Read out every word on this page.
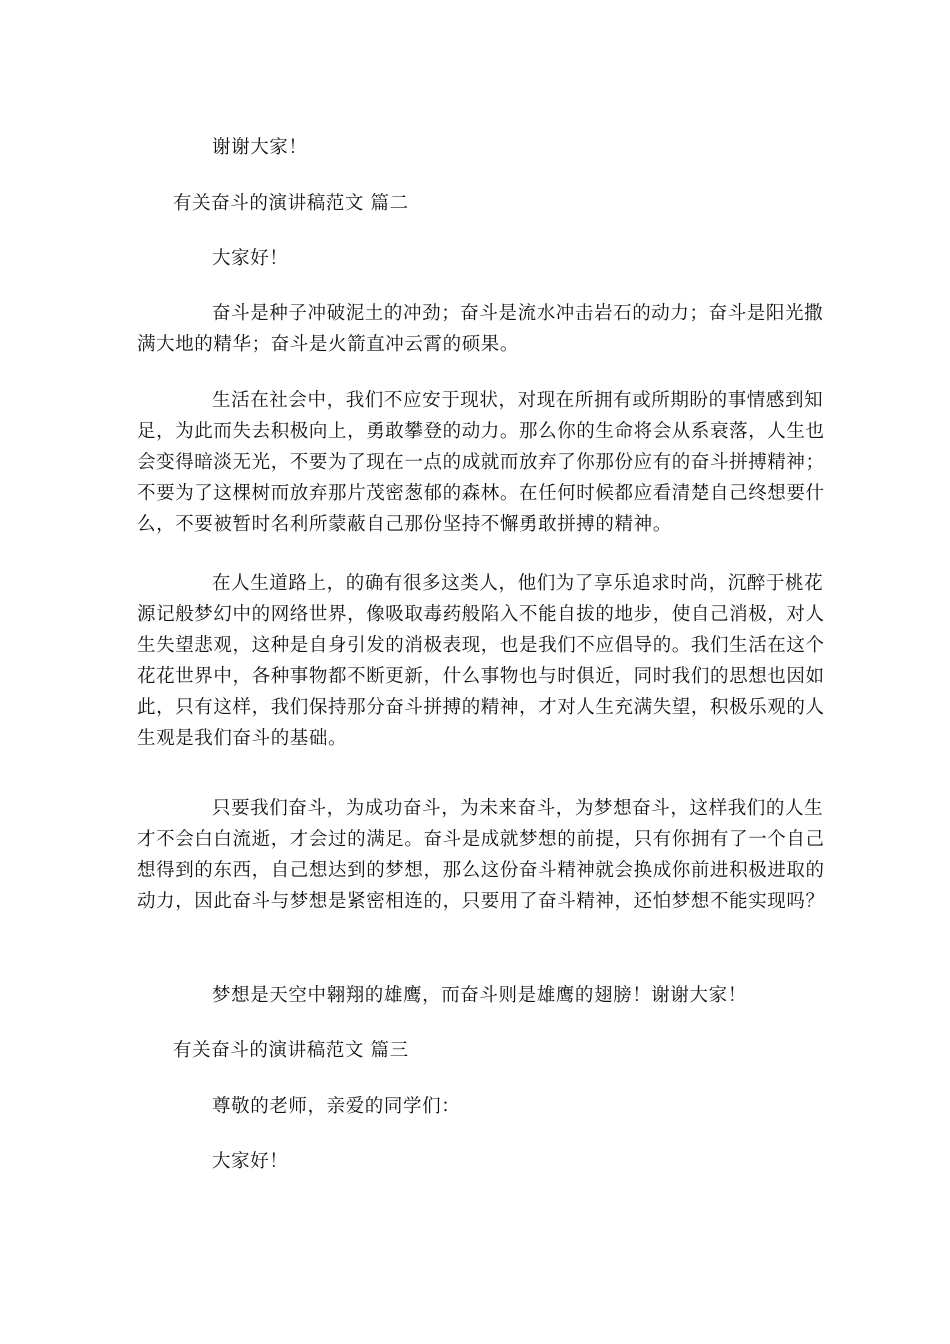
谢谢大家！

有关奋斗的演讲稿范文 篇二

大家好！

奋斗是种子冲破泥土的冲劲；奋斗是流水冲击岩石的动力；奋斗是阳光撒满大地的精华；奋斗是火箭直冲云霄的硕果。

生活在社会中，我们不应安于现状，对现在所拥有或所期盼的事情感到知足，为此而失去积极向上，勇敢攀登的动力。那么你的生命将会从系衰落，人生也会变得暗淡无光，不要为了现在一点的成就而放弃了你那份应有的奋斗拼搏精神；不要为了这棵树而放弃那片茂密葱郁的森林。在任何时候都应看清楚自己终想要什么，不要被暂时名利所蒙蔽自己那份坚持不懈勇敢拼搏的精神。

在人生道路上，的确有很多这类人，他们为了享乐追求时尚，沉醉于桃花源记般梦幻中的网络世界，像吸取毒药般陷入不能自拔的地步，使自己消极，对人生失望悲观，这种是自身引发的消极表现，也是我们不应倡导的。我们生活在这个花花世界中，各种事物都不断更新，什么事物也与时俱近，同时我们的思想也因如此，只有这样，我们保持那分奋斗拼搏的精神，才对人生充满失望，积极乐观的人生观是我们奋斗的基础。

只要我们奋斗，为成功奋斗，为未来奋斗，为梦想奋斗，这样我们的人生才不会白白流逝，才会过的满足。奋斗是成就梦想的前提，只有你拥有了一个自己想得到的东西，自己想达到的梦想，那么这份奋斗精神就会换成你前进积极进取的动力，因此奋斗与梦想是紧密相连的，只要用了奋斗精神，还怕梦想不能实现吗？

梦想是天空中翱翔的雄鹰，而奋斗则是雄鹰的翅膀！谢谢大家！

有关奋斗的演讲稿范文 篇三

尊敬的老师，亲爱的同学们：

大家好！
